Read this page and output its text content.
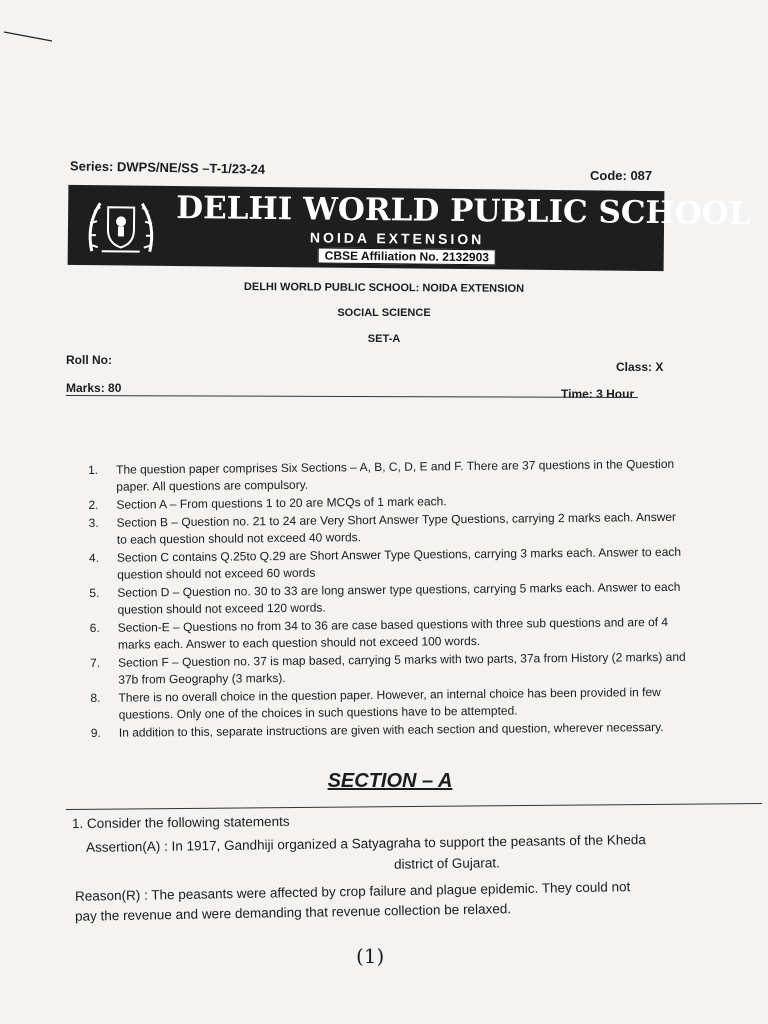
Series: DWPS/NE/SS –T-1/23-24	Code: 087
DELHI WORLD PUBLIC SCHOOL
NOIDA EXTENSION
CBSE Affiliation No. 2132903
DELHI WORLD PUBLIC SCHOOL: NOIDA EXTENSION
SOCIAL SCIENCE
SET-A
Roll No:	Class: X
Marks: 80	Time: 3 Hour
1.	The question paper comprises Six Sections – A, B, C, D, E and F. There are 37 questions in the Question paper. All questions are compulsory.
2.	Section A – From questions 1 to 20 are MCQs of 1 mark each.
3.	Section B – Question no. 21 to 24 are Very Short Answer Type Questions, carrying 2 marks each. Answer to each question should not exceed 40 words.
4.	Section C contains Q.25to Q.29 are Short Answer Type Questions, carrying 3 marks each. Answer to each question should not exceed 60 words
5.	Section D – Question no. 30 to 33 are long answer type questions, carrying 5 marks each. Answer to each question should not exceed 120 words.
6.	Section-E – Questions no from 34 to 36 are case based questions with three sub questions and are of 4 marks each. Answer to each question should not exceed 100 words.
7.	Section F – Question no. 37 is map based, carrying 5 marks with two parts, 37a from History (2 marks) and 37b from Geography (3 marks).
8.	There is no overall choice in the question paper. However, an internal choice has been provided in few questions. Only one of the choices in such questions have to be attempted.
9.	In addition to this, separate instructions are given with each section and question, wherever necessary.
SECTION – A
1. Consider the following statements
Assertion(A) : In 1917, Gandhiji organized a Satyagraha to support the peasants of the Kheda
district of Gujarat.
Reason(R) : The peasants were affected by crop failure and plague epidemic. They could not
pay the revenue and were demanding that revenue collection be relaxed.
(1)
